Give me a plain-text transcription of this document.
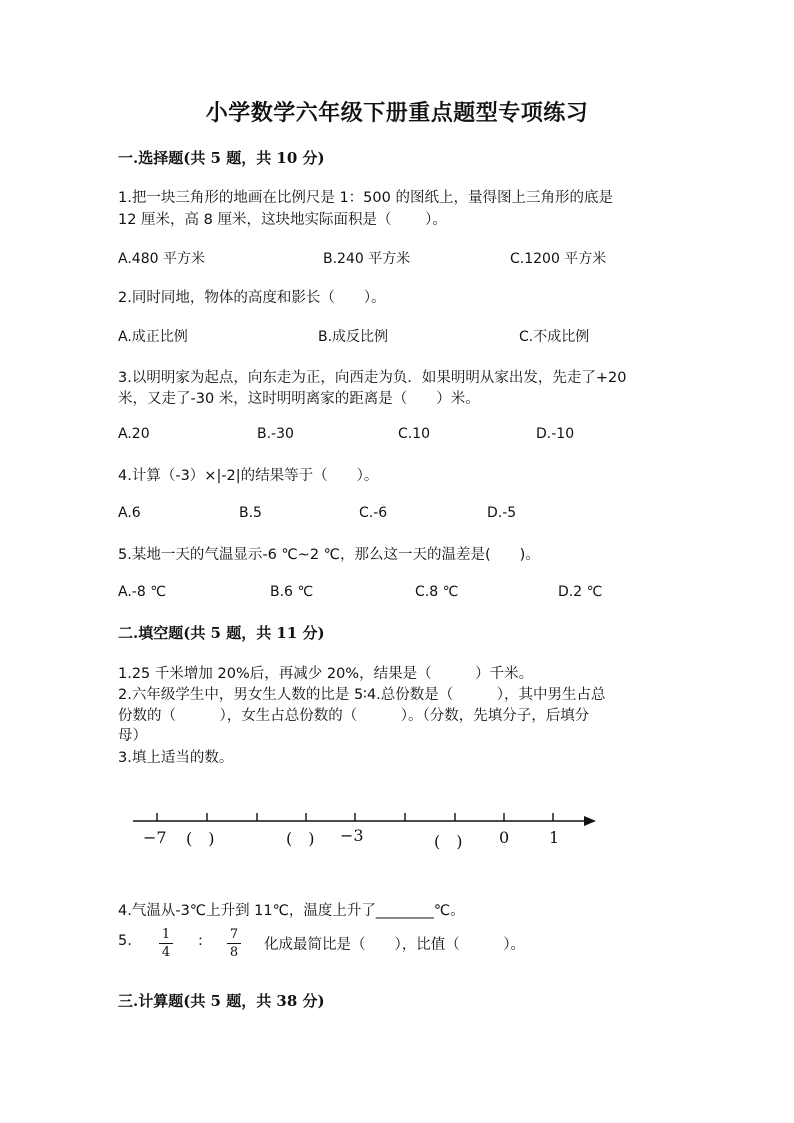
小学数学六年级下册重点题型专项练习
一.选择题(共 5 题，共 10 分)
1.把一块三角形的地画在比例尺是 1：500 的图纸上，量得图上三角形的底是
12 厘米，高 8 厘米，这块地实际面积是（　　 ）。
A.480 平方米	B.240 平方米	C.1200 平方米
2.同时同地，物体的高度和影长（　　）。
A.成正比例	B.成反比例	C.不成比例
3.以明明家为起点，向东走为正，向西走为负．如果明明从家出发，先走了+20
米，又走了-30 米，这时明明离家的距离是（　　）米。
A.20	B.-30	C.10	D.-10
4.计算（-3）×|-2|的结果等于（　　）。
A.6	B.5	C.-6	D.-5
5.某地一天的气温显示-6 ℃~2 ℃，那么这一天的温差是(　　)。
A.-8 ℃	B.6 ℃	C.8 ℃	D.2 ℃
二.填空题(共 5 题，共 11 分)
1.25 千米增加 20%后，再减少 20%，结果是（　　　）千米。
2.六年级学生中，男女生人数的比是 5∶4.总份数是（　　　），其中男生占总
份数的（　　　），女生占总份数的（　　　）。（分数，先填分子，后填分
母）
3.填上适当的数。
−7 (　)	(　) −3	(　) 0 1
4.气温从-3℃上升到 11℃，温度上升了________℃。
5.	1
4
:	7
8	化成最简比是（　　），比值（　　　）。
三.计算题(共 5 题，共 38 分)
